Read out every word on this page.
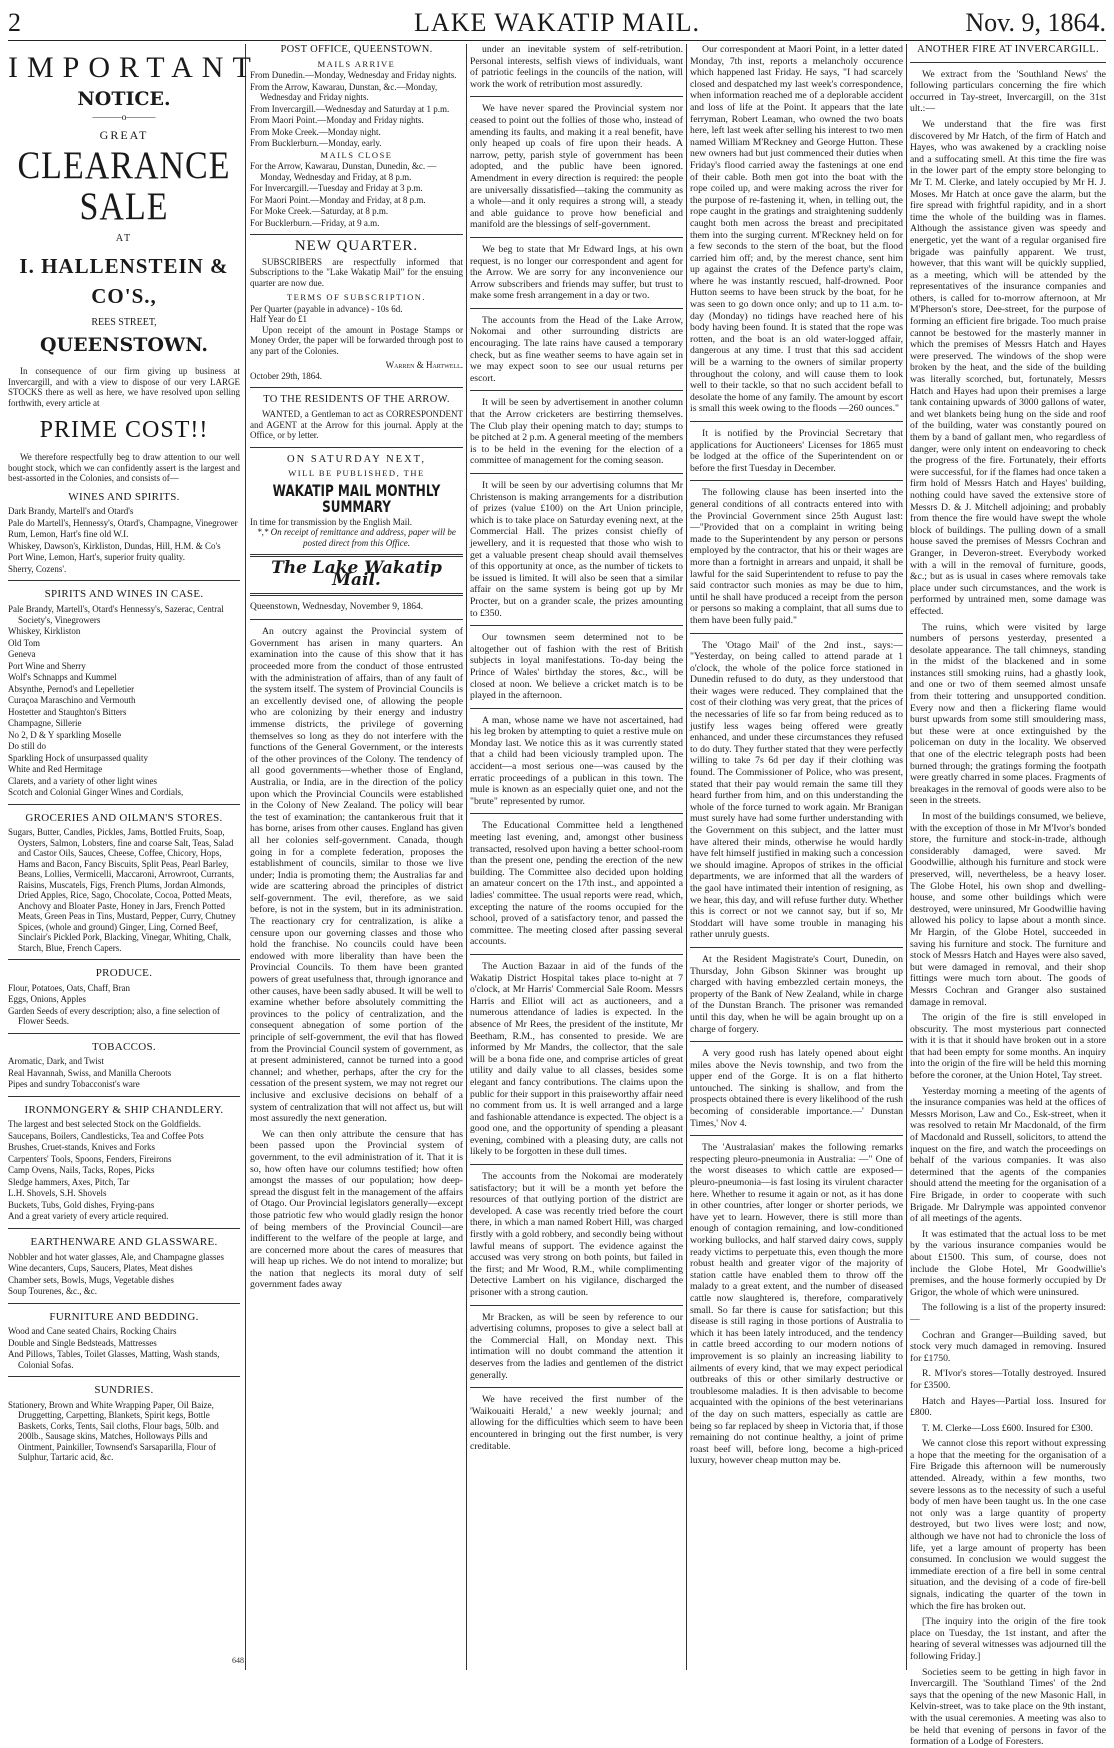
2	LAKE WAKATIP MAIL.	Nov. 9, 1864.
IMPORTANT
NOTICE.
———o———
GREAT
CLEARANCE SALE
AT
I. HALLENSTEIN & CO'S.,
REES STREET,
QUEENSTOWN.

In consequence of our firm giving up business at Invercargill, and with a view to dispose of our very LARGE STOCKS there as well as here, we have resolved upon selling forthwith, every article at

PRIME COST!!

We therefore respectfully beg to draw attention to our well bought stock, which we can confidently assert is the largest and best-assorted in the Colonies, and consists of—

WINES AND SPIRITS.
Dark Brandy, Martell's and Otard's
Pale do Martell's, Hennessy's, Otard's, Champagne, Vinegrower
Rum, Lemon, Hart's fine old W.I.
Whiskey, Dawson's, Kirkliston, Dundas, Hill, H.M. & Co's
Port Wine, Lemon, Hart's, superior fruity quality.
Sherry, Cozens'.
SPIRITS AND WINES IN CASE.
Pale Brandy, Martell's, Otard's Hennessy's, Sazerac, Central Society's, Vinegrowers
Whiskey, Kirkliston
Old Tom
Geneva
Port Wine and Sherry
Wolf's Schnapps and Kummel
Absynthe, Pernod's and Lepelletier
Curaçoa Maraschino and Vermouth
Hostetter and Staughton's Bitters
Champagne, Sillerie
No 2, D & Y sparkling Moselle
Do still do
Sparkling Hock of unsurpassed quality
White and Red Hermitage
Clarets, and a variety of other light wines
Scotch and Colonial Ginger Wines and Cordials,
GROCERIES AND OILMAN'S STORES.
Sugars, Butter, Candles, Pickles, Jams, Bottled Fruits, Soap, Oysters, Salmon, Lobsters, fine and coarse Salt, Teas, Salad and Castor Oils, Sauces, Cheese, Coffee, Chicory, Hops, Hams and Bacon, Fancy Biscuits, Split Peas, Pearl Barley, Beans, Lollies, Vermicelli, Maccaroni, Arrowroot, Currants, Raisins, Muscatels, Figs, French Plums, Jordan Almonds, Dried Apples, Rice, Sago, Chocolate, Cocoa, Potted Meats, Anchovy and Bloater Paste, Honey in Jars, French Potted Meats, Green Peas in Tins, Mustard, Pepper, Curry, Chutney Spices, (whole and ground) Ginger, Ling, Corned Beef, Sinclair's Pickled Pork, Blacking, Vinegar, Whiting, Chalk, Starch, Blue, French Capers.
PRODUCE.
Flour, Potatoes, Oats, Chaff, Bran
Eggs, Onions, Apples
Garden Seeds of every description; also, a fine selection of Flower Seeds.
TOBACCOS.
Aromatic, Dark, and Twist
Real Havannah, Swiss, and Manilla Cheroots
Pipes and sundry Tobacconist's ware
IRONMONGERY & SHIP CHANDLERY.
The largest and best selected Stock on the Goldfields.
Saucepans, Boilers, Candlesticks, Tea and Coffee Pots
Brushes, Cruet-stands, Knives and Forks
Carpenters' Tools, Spoons, Fenders, Fireirons
Camp Ovens, Nails, Tacks, Ropes, Picks
Sledge hammers, Axes, Pitch, Tar
L.H. Shovels, S.H. Shovels
Buckets, Tubs, Gold dishes, Frying-pans
And a great variety of every article required.
EARTHENWARE AND GLASSWARE.
Nobbler and hot water glasses, Ale, and Champagne glasses
Wine decanters, Cups, Saucers, Plates, Meat dishes
Chamber sets, Bowls, Mugs, Vegetable dishes
Soup Tourenes, &c., &c.
FURNITURE AND BEDDING.
Wood and Cane seated Chairs, Rocking Chairs
Double and Single Bedsteads, Mattresses
And Pillows, Tables, Toilet Glasses, Matting, Wash stands, Colonial Sofas.
SUNDRIES.
Stationery, Brown and White Wrapping Paper, Oil Baize, Druggetting, Carpetting, Blankets, Spirit kegs, Bottle Baskets, Corks, Tents, Sail cloths, Flour bags, 50lb. and 200lb., Sausage skins, Matches, Holloways Pills and Ointment, Painkiller, Townsend's Sarsaparilla, Flour of Sulphur, Tartaric acid, &c.
648
POST OFFICE, QUEENSTOWN.
MAILS ARRIVE
From Dunedin.—Monday, Wednesday and Friday nights.
From the Arrow, Kawarau, Dunstan, &c.—Monday, Wednesday and Friday nights.
From Invercargill.—Wednesday and Saturday at 1 p.m.
From Maori Point.—Monday and Friday nights.
From Moke Creek.—Monday night.
From Bucklerburn.—Monday, early.
MAILS CLOSE
For the Arrow, Kawarau, Dunstan, Dunedin, &c. —Monday, Wednesday and Friday, at 8 p.m.
For Invercargill.—Tuesday and Friday at 3 p.m.
For Maori Point.—Monday and Friday, at 8 p.m.
For Moke Creek.—Saturday, at 8 p.m.
For Bucklerburn.—Friday, at 9 a.m.
NEW QUARTER.

SUBSCRIBERS are respectfully informed that Subscriptions to the "Lake Wakatip Mail" for the ensuing quarter are now due.

TERMS OF SUBSCRIPTION.
Per Quarter (payable in advance) - 10s 6d.
Half Year do £1

Upon receipt of the amount in Postage Stamps or Money Order, the paper will be forwarded through post to any part of the Colonies.

Warren & Hartwell.
October 29th, 1864.
TO THE RESIDENTS OF THE ARROW.

WANTED, a Gentleman to act as CORRESPONDENT and AGENT at the Arrow for this journal. Apply at the Office, or by letter.

ON SATURDAY NEXT,
WILL BE PUBLISHED, THE
WAKATIP MAIL MONTHLY SUMMARY
In time for transmission by the English Mail.
*,* On receipt of remittance and address, paper will be posted direct from this Office.
The Lake Wakatip Mail.
Queenstown, Wednesday, November 9, 1864.

An outcry against the Provincial system of Government has arisen in many quarters. An examination into the cause of this show that it has proceeded more from the conduct of those entrusted with the administration of affairs, than of any fault of the system itself. The system of Provincial Councils is an excellently devised one, of allowing the people who are colonizing by their energy and industry immense districts, the privilege of governing themselves so long as they do not interfere with the functions of the General Government, or the interests of the other provinces of the Colony. The tendency of all good governments—whether those of England, Australia, or India, are in the direction of the policy upon which the Provincial Councils were established in the Colony of New Zealand. The policy will bear the test of examination; the cantankerous fruit that it has borne, arises from other causes. England has given all her colonies self-government. Canada, though going in for a complete federation, proposes the establishment of councils, similar to those we live under; India is promoting them; the Australias far and wide are scattering abroad the principles of district self-government. The evil, therefore, as we said before, is not in the system, but in its administration. The reactionary cry for centralization, is alike a censure upon our governing classes and those who hold the franchise. No councils could have been endowed with more liberality than have been the Provincial Councils. To them have been granted powers of great usefulness that, through ignorance and other causes, have been sadly abused. It will be well to examine whether before absolutely committing the provinces to the policy of centralization, and the consequent abnegation of some portion of the principle of self-government, the evil that has flowed from the Provincial Council system of government, as at present administered, cannot be turned into a good channel; and whether, perhaps, after the cry for the cessation of the present system, we may not regret our inclusive and exclusive decisions on behalf of a system of centralization that will not affect us, but will most assuredly the next generation.

We can then only attribute the censure that has been passed upon the Provincial system of government, to the evil administration of it. That it is so, how often have our columns testified; how often amongst the masses of our population; how deep-spread the disgust felt in the management of the affairs of Otago. Our Provincial legislators generally—except those patriotic few who would gladly resign the honor of being members of the Provincial Council—are indifferent to the welfare of the people at large, and are concerned more about the cares of measures that will heap up riches. We do not intend to moralize; but the nation that neglects its moral duty of self government fades away

under an inevitable system of self-retribution. Personal interests, selfish views of individuals, want of patriotic feelings in the councils of the nation, will work the work of retribution most assuredly.

We have never spared the Provincial system nor ceased to point out the follies of those who, instead of amending its faults, and making it a real benefit, have only heaped up coals of fire upon their heads. A narrow, petty, parish style of government has been adopted, and the public have been ignored. Amendment in every direction is required: the people are universally dissatisfied—taking the community as a whole—and it only requires a strong will, a steady and able guidance to prove how beneficial and manifold are the blessings of self-government.

We beg to state that Mr Edward Ings, at his own request, is no longer our correspondent and agent for the Arrow. We are sorry for any inconvenience our Arrow subscribers and friends may suffer, but trust to make some fresh arrangement in a day or two.

The accounts from the Head of the Lake Arrow, Nokomai and other surrounding districts are encouraging. The late rains have caused a temporary check, but as fine weather seems to have again set in we may expect soon to see our usual returns per escort.

It will be seen by advertisement in another column that the Arrow cricketers are bestirring themselves. The Club play their opening match to day; stumps to be pitched at 2 p.m. A general meeting of the members is to be held in the evening for the election of a committee of management for the coming season.

It will be seen by our advertising columns that Mr Christenson is making arrangements for a distribution of prizes (value £100) on the Art Union principle, which is to take place on Saturday evening next, at the Commercial Hall. The prizes consist chiefly of jewellery, and it is requested that those who wish to get a valuable present cheap should avail themselves of this opportunity at once, as the number of tickets to be issued is limited. It will also be seen that a similar affair on the same system is being got up by Mr Procter, but on a grander scale, the prizes amounting to £350.

Our townsmen seem determined not to be altogether out of fashion with the rest of British subjects in loyal manifestations. To-day being the Prince of Wales' birthday the stores, &c., will be closed at noon. We believe a cricket match is to be played in the afternoon.

A man, whose name we have not ascertained, had his leg broken by attempting to quiet a restive mule on Monday last. We notice this as it was currently stated that a child had been viciously trampled upon. The accident—a most serious one—was caused by the erratic proceedings of a publican in this town. The mule is known as an especially quiet one, and not the "brute" represented by rumor.

The Educational Committee held a lengthened meeting last evening, and, amongst other business transacted, resolved upon having a better school-room than the present one, pending the erection of the new building. The Committee also decided upon holding an amateur concert on the 17th inst., and appointed a ladies' committee. The usual reports were read, which, excepting the nature of the rooms occupied for the school, proved of a satisfactory tenor, and passed the committee. The meeting closed after passing several accounts.

The Auction Bazaar in aid of the funds of the Wakatip District Hospital takes place to-night at 7 o'clock, at Mr Harris' Commercial Sale Room. Messrs Harris and Elliot will act as auctioneers, and a numerous attendance of ladies is expected. In the absence of Mr Rees, the president of the institute, Mr Beetham, R.M., has consented to preside. We are informed by Mr Mandrs, the collector, that the sale will be a bona fide one, and comprise articles of great utility and daily value to all classes, besides some elegant and fancy contributions. The claims upon the public for their support in this praiseworthy affair need no comment from us. It is well arranged and a large and fashionable attendance is expected. The object is a good one, and the opportunity of spending a pleasant evening, combined with a pleasing duty, are calls not likely to be forgotten in these dull times.

The accounts from the Nokomai are moderately satisfactory; but it will be a month yet before the resources of that outlying portion of the district are developed. A case was recently tried before the court there, in which a man named Robert Hill, was charged firstly with a gold robbery, and secondly being without lawful means of support. The evidence against the accused was very strong on both points, but failed in the first; and Mr Wood, R.M., while complimenting Detective Lambert on his vigilance, discharged the prisoner with a strong caution.

Mr Bracken, as will be seen by reference to our advertising columns, proposes to give a select ball at the Commercial Hall, on Monday next. This intimation will no doubt command the attention it deserves from the ladies and gentlemen of the district generally.

We have received the first number of the 'Waikouaiti Herald,' a new weekly journal; and allowing for the difficulties which seem to have been encountered in bringing out the first number, is very creditable.

Our correspondent at Maori Point, in a letter dated Monday, 7th inst, reports a melancholy occurence which happened last Friday. He says, "I had scarcely closed and despatched my last week's correspondence, when information reached me of a deplorable accident and loss of life at the Point. It appears that the late ferryman, Robert Leaman, who owned the two boats here, left last week after selling his interest to two men named William M'Reckney and George Hutton. These new owners had but just commenced their duties when Friday's flood carried away the fastenings at one end of their cable. Both men got into the boat with the rope coiled up, and were making across the river for the purpose of re-fastening it, when, in telling out, the rope caught in the gratings and straightening suddenly caught both men across the breast and precipitated them into the surging current. M'Reckney held on for a few seconds to the stern of the boat, but the flood carried him off; and, by the merest chance, sent him up against the crates of the Defence party's claim, where he was instantly rescued, half-drowned. Poor Hutton seems to have been struck by the boat, for he was seen to go down once only; and up to 11 a.m. to-day (Monday) no tidings have reached here of his body having been found. It is stated that the rope was rotten, and the boat is an old water-logged affair, dangerous at any time. I trust that this sad accident will be a warning to the owners of similar property throughout the colony, and will cause them to look well to their tackle, so that no such accident befall to desolate the home of any family. The amount by escort is small this week owing to the floods —260 ounces."

It is notified by the Provincial Secretary that applications for Auctioneers' Licenses for 1865 must be lodged at the office of the Superintendent on or before the first Tuesday in December.

The following clause has been inserted into the general conditions of all contracts entered into with the Provincial Government since 25th August last:—"Provided that on a complaint in writing being made to the Superintendent by any person or persons employed by the contractor, that his or their wages are more than a fortnight in arrears and unpaid, it shall be lawful for the said Superintendent to refuse to pay the said contractor such monies as may be due to him, until he shall have produced a receipt from the person or persons so making a complaint, that all sums due to them have been fully paid."

The 'Otago Mail' of the 2nd inst., says:— "Yesterday, on being called to attend parade at 1 o'clock, the whole of the police force stationed in Dunedin refused to do duty, as they understood that their wages were reduced. They complained that the cost of their clothing was very great, that the prices of the necessaries of life so far from being reduced as to justify less wages being offered were greatly enhanced, and under these circumstances they refused to do duty. They further stated that they were perfectly willing to take 7s 6d per day if their clothing was found. The Commissioner of Police, who was present, stated that their pay would remain the same till they heard further from him, and on this understanding the whole of the force turned to work again. Mr Branigan must surely have had some further understanding with the Government on this subject, and the latter must have altered their minds, otherwise he would hardly have felt himself justified in making such a concession we should imagine. Apropos of strikes in the official departments, we are informed that all the warders of the gaol have intimated their intention of resigning, as we hear, this day, and will refuse further duty. Whether this is correct or not we cannot say, but if so, Mr Stoddart will have some trouble in managing his rather unruly guests.

At the Resident Magistrate's Court, Dunedin, on Thursday, John Gibson Skinner was brought up charged with having embezzled certain moneys, the property of the Bank of New Zealand, while in charge of the Dunstan Branch. The prisoner was remanded until this day, when he will be again brought up on a charge of forgery.

A very good rush has lately opened about eight miles above the Nevis township, and two from the upper end of the Gorge. It is on a flat hitherto untouched. The sinking is shallow, and from the prospects obtained there is every likelihood of the rush becoming of considerable importance.—' Dunstan Times,' Nov 4.

The 'Australasian' makes the following remarks respecting pleuro-pneumonia in Australia: —" One of the worst diseases to which cattle are exposed—pleuro-pneumonia—is fast losing its virulent character here. Whether to resume it again or not, as it has done in other countries, after longer or shorter periods, we have yet to learn. However, there is still more than enough of contagion remaining, and low-conditioned working bullocks, and half starved dairy cows, supply ready victims to perpetuate this, even though the more robust health and greater vigor of the majority of station cattle have enabled them to throw off the malady to a great extent, and the number of diseased cattle now slaughtered is, therefore, comparatively small. So far there is cause for satisfaction; but this disease is still raging in those portions of Australia to which it has been lately introduced, and the tendency in cattle breed according to our modern notions of improvement is so plainly an increasing liability to ailments of every kind, that we may expect periodical outbreaks of this or other similarly destructive or troublesome maladies. It is then advisable to become acquainted with the opinions of the best veterinarians of the day on such matters, especially as cattle are being so far replaced by sheep in Victoria that, if those remaining do not continue healthy, a joint of prime roast beef will, before long, become a high-priced luxury, however cheap mutton may be.

ANOTHER FIRE AT INVERCARGILL.

We extract from the 'Southland News' the following particulars concerning the fire which occurred in Tay-street, Invercargill, on the 31st ult.:—

We understand that the fire was first discovered by Mr Hatch, of the firm of Hatch and Hayes, who was awakened by a crackling noise and a suffocating smell. At this time the fire was in the lower part of the empty store belonging to Mr T. M. Clerke, and lately occupied by Mr H. J. Moses. Mr Hatch at once gave the alarm, but the fire spread with frightful rapidity, and in a short time the whole of the building was in flames. Although the assistance given was speedy and energetic, yet the want of a regular organised fire brigade was painfully apparent. We trust, however, that this want will be quickly supplied, as a meeting, which will be attended by the representatives of the insurance companies and others, is called for to-morrow afternoon, at Mr M'Pherson's store, Dee-street, for the purpose of forming an efficient fire brigade. Too much praise cannot be bestowed for the masterly manner in which the premises of Messrs Hatch and Hayes were preserved. The windows of the shop were broken by the heat, and the side of the building was literally scorched, but, fortunately, Messrs Hatch and Hayes had upon their premises a large tank containing upwards of 3000 gallons of water, and wet blankets being hung on the side and roof of the building, water was constantly poured on them by a band of gallant men, who regardless of danger, were only intent on endeavoring to check the progress of the fire. Fortunately, their efforts were successful, for if the flames had once taken a firm hold of Messrs Hatch and Hayes' building, nothing could have saved the extensive store of Messrs D. & J. Mitchell adjoining; and probably from thence the fire would have swept the whole block of buildings. The pulling down of a small house saved the premises of Messrs Cochran and Granger, in Deveron-street. Everybody worked with a will in the removal of furniture, goods, &c.; but as is usual in cases where removals take place under such circumstances, and the work is performed by untrained men, some damage was effected.

The ruins, which were visited by large numbers of persons yesterday, presented a desolate appearance. The tall chimneys, standing in the midst of the blackened and in some instances still smoking ruins, had a ghastly look, and one or two of them seemed almost unsafe from their tottering and unsupported condition. Every now and then a flickering flame would burst upwards from some still smouldering mass, but these were at once extinguished by the policeman on duty in the locality. We observed that one of the electric telegraph posts had been burned through; the gratings forming the footpath were greatly charred in some places. Fragments of breakages in the removal of goods were also to be seen in the streets.

In most of the buildings consumed, we believe, with the exception of those in Mr M'Ivor's bonded store, the furniture and stock-in-trade, although considerably damaged, were saved. Mr Goodwillie, although his furniture and stock were preserved, will, nevertheless, be a heavy loser. The Globe Hotel, his own shop and dwelling-house, and some other buildings which were destroyed, were uninsured, Mr Goodwillie having allowed his policy to lapse about a month since. Mr Hargin, of the Globe Hotel, succeeded in saving his furniture and stock. The furniture and stock of Messrs Hatch and Hayes were also saved, but were damaged in removal, and their shop fittings were much torn about. The goods of Messrs Cochran and Granger also sustained damage in removal.

The origin of the fire is still enveloped in obscurity. The most mysterious part connected with it is that it should have broken out in a store that had been empty for some months. An inquiry into the origin of the fire will be held this morning before the coroner, at the Union Hotel, Tay street.

Yesterday morning a meeting of the agents of the insurance companies was held at the offices of Messrs Morison, Law and Co., Esk-street, when it was resolved to retain Mr Macdonald, of the firm of Macdonald and Russell, solicitors, to attend the inquest on the fire, and watch the proceedings on behalf of the various companies. It was also determined that the agents of the companies should attend the meeting for the organisation of a Fire Brigade, in order to cooperate with such Brigade. Mr Dalrymple was appointed convenor of all meetings of the agents.

It was estimated that the actual loss to be met by the various insurance companies would be about £1500. This sum, of course, does not include the Globe Hotel, Mr Goodwillie's premises, and the house formerly occupied by Dr Grigor, the whole of which were uninsured.

The following is a list of the property insured:—

Cochran and Granger—Building saved, but stock very much damaged in removing. Insured for £1750.

R. M'Ivor's stores—Totally destroyed. Insured for £3500.

Hatch and Hayes—Partial loss. Insured for £800.

T. M. Clerke—Loss £600. Insured for £300.

We cannot close this report without expressing a hope that the meeting for the organisation of a Fire Brigade this afternoon will be numerously attended. Already, within a few months, two severe lessons as to the necessity of such a useful body of men have been taught us. In the one case not only was a large quantity of property destroyed, but two lives were lost; and now, although we have not had to chronicle the loss of life, yet a large amount of property has been consumed. In conclusion we would suggest the immediate erection of a fire bell in some central situation, and the devising of a code of fire-bell signals, indicating the quarter of the town in which the fire has broken out.

[The inquiry into the origin of the fire took place on Tuesday, the 1st instant, and after the hearing of several witnesses was adjourned till the following Friday.]

Societies seem to be getting in high favor in Invercargill. The 'Southland Times' of the 2nd says that the opening of the new Masonic Hall, in Kelvin-street, was to take place on the 9th instant, with the usual ceremonies. A meeting was also to be held that evening of persons in favor of the formation of a Lodge of Foresters.
